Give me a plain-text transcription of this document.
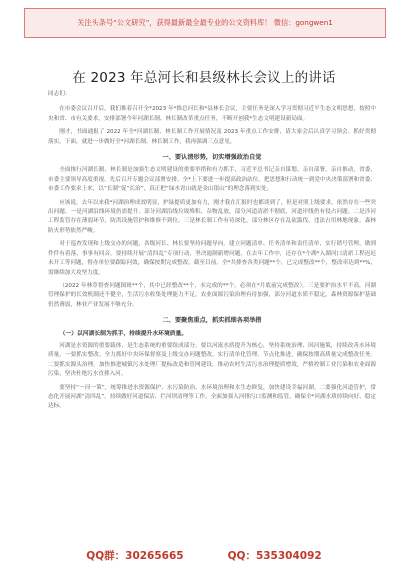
关注头条号“公文研究”，获得最新最全最专业的公文资料库！ 微信：gongwen1
在 2023 年总河长和县级林长会议上的讲话

同志们：

在市委会议召开后，我们推着召开全*2023 年*推总河长和*县林长会议，主要任务是深入学习贯彻习近平生态文明思想，按照中央和省、市有关要求，安排部署今年河湖长制、林长制改革重点任务，不断开创我*生态文明建设新局面。

刚才，书面通报了 2022 年全*河湖长制、林长制工作开展情况及 2023 年重点工作安排，请大家会后认真学习领会、抓好贯彻落实。下面，就进一步做好全*河湖长制、林长制工作，我再强调三点意见。

一、要认清形势，切实增强政治自觉

全面推行河湖长制、林长制是加强生态文明建设的重要举措和有力抓手，习近平总书记亲自谋划、亲自部署、亲自推动，省委、市委主要领导高度重视。先后召开专题会议部署安排。全*上下要进一步提高政治站位，把思想和行动统一到党中央决策部署和省委、市委工作要求上来，以“长制”促“长治”，真正把“绿水青山就是金山银山”的理念落到实处。

应该说，去年以来我*河湖治理成效明显，护绿提质更加有力，刚才我在汇报时也都谈到了，但是对照上级要求，依然存在一些突出问题。一是河湖沿线环境仍需提升。部分河湖沿线垃圾堆积、杂物乱放，部分河道清淤不彻底，河道岸线仍有侵占问题。二是涉河工程监管存在薄弱环节，防洪设施管护和维修不到位。三是林长制工作有待深化，部分林区存在乱砍滥伐、违法占用林地现象，森林防火形势依然严峻。

对于巡查发现和上级交办的问题，各级河长、林长要坚持问题导向，建立问题清单、任务清单和责任清单，实行销号管理，做到件件有着落、事事有回音。要持续开展“清四乱”专项行动，坚决遏制新增问题。在去年工作中，还存在*个湖*入湖河口清淤工程迟迟未开工等问题，督办单位要跟踪问效，确保按期完成整改。截至目前，全*共排查各类问题**个，已完成整改**个，整改率达到**%，需继续加大攻坚力度。

（2022 年林草督查问题图斑**个，其中已经整改**个，未完成的**个，必须在*月底前完成整改）。三是要护治水平不高，河湖管理保护的长效机制还不健全，生活污水收集处理能力不足，农业面源污染治理有待加强，部分河道水质不稳定，森林资源保护基础仍然薄弱，林业产业发展不够充分。

二、要聚焦重点，抓实抓细各项举措
（一）以河湖长制为抓手，持续提升水环境质量。

河湖是水资源的重要载体，是生态系统的重要组成部分。要以河流水质提升为核心，坚持系统治理、因河施策，持续改善水环境质量。一要抓实整改。全力抓好中央环保督察及上级交办问题整改，实行清单化管理、节点化推进，确保按期高质量完成整改任务。二要抓实源头治理。加快推进城镇污水处理厂提标改造和管网建设，推动农村生活污水治理提质增效，严格控制工业污染和农业面源污染，坚决杜绝污水直排入河。

要坚持“一河一策”，统筹推进水资源保护、水污染防治、水环境治理和水生态修复，加快建设幸福河湖。二要强化河道管护，常态化开展河湖“清四乱”，持续做好河道保洁、拦河坝清理等工作，全面加强入河排污口监测和监管，确保全*河湖水质持续向好、稳定达标。

QQ群：30265665	QQ：535304092
